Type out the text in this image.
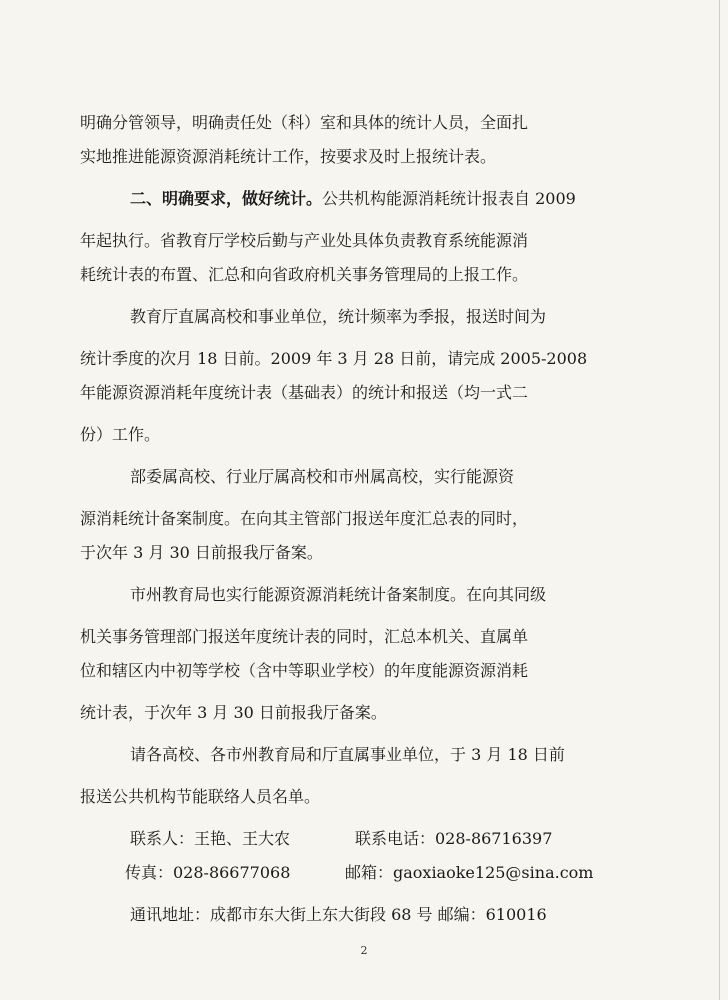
明确分管领导，明确责任处（科）室和具体的统计人员，全面扎
实地推进能源资源消耗统计工作，按要求及时上报统计表。
二、明确要求，做好统计。公共机构能源消耗统计报表自 2009
年起执行。省教育厅学校后勤与产业处具体负责教育系统能源消
耗统计表的布置、汇总和向省政府机关事务管理局的上报工作。
教育厅直属高校和事业单位，统计频率为季报，报送时间为
统计季度的次月 18 日前。2009 年 3 月 28 日前，请完成 2005-2008
年能源资源消耗年度统计表（基础表）的统计和报送（均一式二
份）工作。
部委属高校、行业厅属高校和市州属高校，实行能源资
源消耗统计备案制度。在向其主管部门报送年度汇总表的同时，
于次年 3 月 30 日前报我厅备案。
市州教育局也实行能源资源消耗统计备案制度。在向其同级
机关事务管理部门报送年度统计表的同时，汇总本机关、直属单
位和辖区内中初等学校（含中等职业学校）的年度能源资源消耗
统计表，于次年 3 月 30 日前报我厅备案。
请各高校、各市州教育局和厅直属事业单位，于 3 月 18 日前
报送公共机构节能联络人员名单。
联系人：王艳、王大农	联系电话：028-86716397
传真：028-86677068	邮箱：gaoxiaoke125@sina.com
通讯地址：成都市东大街上东大街段 68 号 邮编：610016
2
